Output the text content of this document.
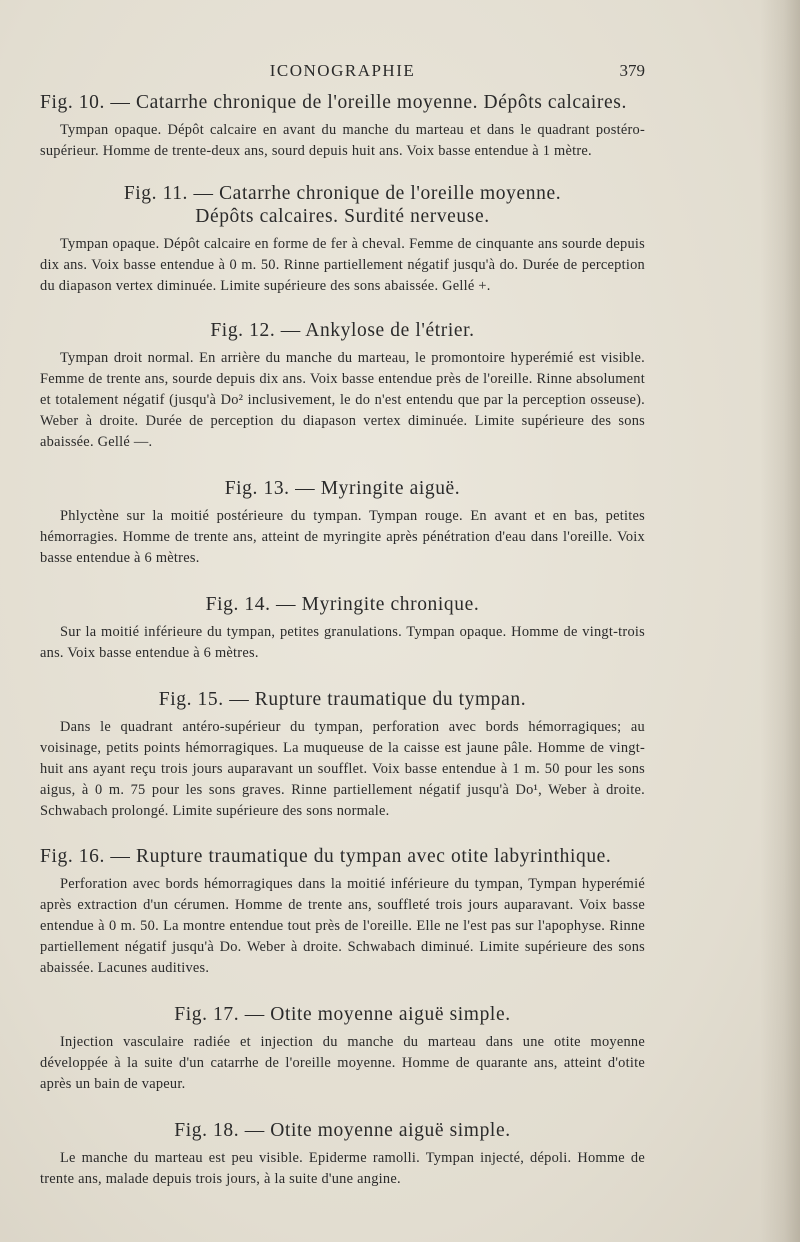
ICONOGRAPHIE	379
Fig. 10. — Catarrhe chronique de l'oreille moyenne. Dépôts calcaires.

Tympan opaque. Dépôt calcaire en avant du manche du marteau et dans le quadrant postéro-supérieur. Homme de trente-deux ans, sourd depuis huit ans. Voix basse entendue à 1 mètre.

Fig. 11. — Catarrhe chronique de l'oreille moyenne.
Dépôts calcaires. Surdité nerveuse.

Tympan opaque. Dépôt calcaire en forme de fer à cheval. Femme de cinquante ans sourde depuis dix ans. Voix basse entendue à 0 m. 50. Rinne partiellement négatif jusqu'à do. Durée de perception du diapason vertex diminuée. Limite supérieure des sons abaissée. Gellé +.

Fig. 12. — Ankylose de l'étrier.

Tympan droit normal. En arrière du manche du marteau, le promontoire hyperémié est visible. Femme de trente ans, sourde depuis dix ans. Voix basse entendue près de l'oreille. Rinne absolument et totalement négatif (jusqu'à Do² inclusivement, le do n'est entendu que par la perception osseuse). Weber à droite. Durée de perception du diapason vertex diminuée. Limite supérieure des sons abaissée. Gellé —.

Fig. 13. — Myringite aiguë.

Phlyctène sur la moitié postérieure du tympan. Tympan rouge. En avant et en bas, petites hémorragies. Homme de trente ans, atteint de myringite après pénétration d'eau dans l'oreille. Voix basse entendue à 6 mètres.

Fig. 14. — Myringite chronique.

Sur la moitié inférieure du tympan, petites granulations. Tympan opaque. Homme de vingt-trois ans. Voix basse entendue à 6 mètres.

Fig. 15. — Rupture traumatique du tympan.

Dans le quadrant antéro-supérieur du tympan, perforation avec bords hémorragiques; au voisinage, petits points hémorragiques. La muqueuse de la caisse est jaune pâle. Homme de vingt-huit ans ayant reçu trois jours auparavant un soufflet. Voix basse entendue à 1 m. 50 pour les sons aigus, à 0 m. 75 pour les sons graves. Rinne partiellement négatif jusqu'à Do¹, Weber à droite. Schwabach prolongé. Limite supérieure des sons normale.

Fig. 16. — Rupture traumatique du tympan avec otite labyrinthique.

Perforation avec bords hémorragiques dans la moitié inférieure du tympan, Tympan hyperémié après extraction d'un cérumen. Homme de trente ans, souffleté trois jours auparavant. Voix basse entendue à 0 m. 50. La montre entendue tout près de l'oreille. Elle ne l'est pas sur l'apophyse. Rinne partiellement négatif jusqu'à Do. Weber à droite. Schwabach diminué. Limite supérieure des sons abaissée. Lacunes auditives.

Fig. 17. — Otite moyenne aiguë simple.

Injection vasculaire radiée et injection du manche du marteau dans une otite moyenne développée à la suite d'un catarrhe de l'oreille moyenne. Homme de quarante ans, atteint d'otite après un bain de vapeur.

Fig. 18. — Otite moyenne aiguë simple.

Le manche du marteau est peu visible. Epiderme ramolli. Tympan injecté, dépoli. Homme de trente ans, malade depuis trois jours, à la suite d'une angine.
